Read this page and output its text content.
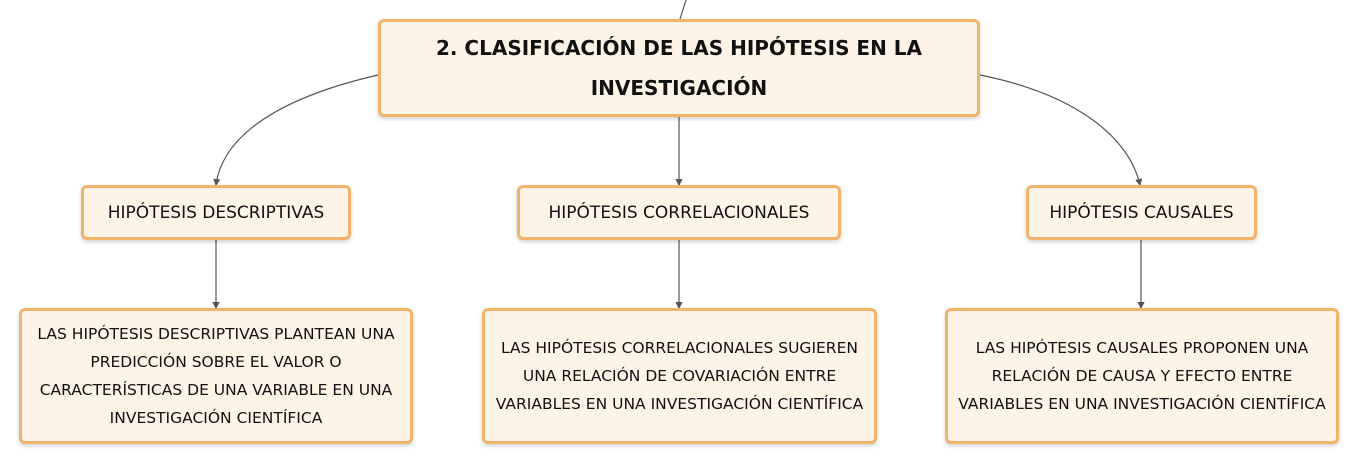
2. CLASIFICACIÓN DE LAS HIPÓTESIS EN LA INVESTIGACIÓN
HIPÓTESIS DESCRIPTIVAS	HIPÓTESIS CORRELACIONALES	HIPÓTESIS CAUSALES
LAS HIPÓTESIS DESCRIPTIVAS PLANTEAN UNA PREDICCIÓN SOBRE EL VALOR O CARACTERÍSTICAS DE UNA VARIABLE EN UNA INVESTIGACIÓN CIENTÍFICA
LAS HIPÓTESIS CORRELACIONALES SUGIEREN UNA RELACIÓN DE COVARIACIÓN ENTRE VARIABLES EN UNA INVESTIGACIÓN CIENTÍFICA
LAS HIPÓTESIS CAUSALES PROPONEN UNA RELACIÓN DE CAUSA Y EFECTO ENTRE VARIABLES EN UNA INVESTIGACIÓN CIENTÍFICA
